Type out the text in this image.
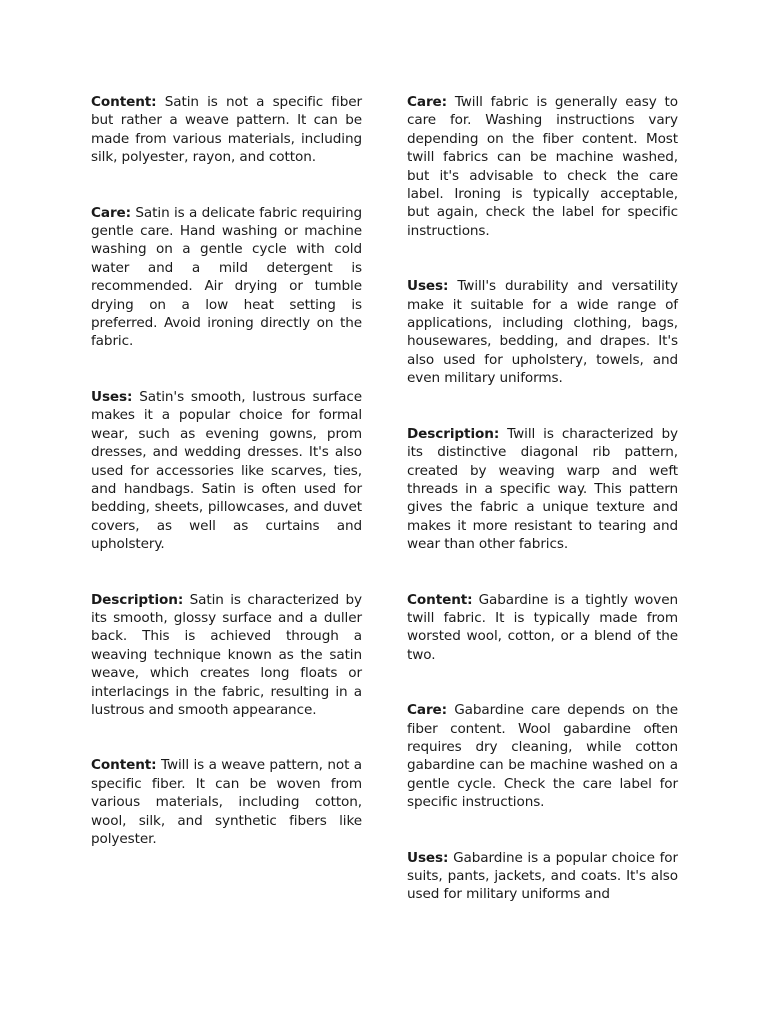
Content: Satin is not a specific fiber but rather a weave pattern. It can be made from various materials, including silk, polyester, rayon, and cotton.

Care: Satin is a delicate fabric requiring gentle care. Hand washing or machine washing on a gentle cycle with cold water and a mild detergent is recommended. Air drying or tumble drying on a low heat setting is preferred. Avoid ironing directly on the fabric.

Uses: Satin's smooth, lustrous surface makes it a popular choice for formal wear, such as evening gowns, prom dresses, and wedding dresses. It's also used for accessories like scarves, ties, and handbags. Satin is often used for bedding, sheets, pillowcases, and duvet covers, as well as curtains and upholstery.

Description: Satin is characterized by its smooth, glossy surface and a duller back. This is achieved through a weaving technique known as the satin weave, which creates long floats or interlacings in the fabric, resulting in a lustrous and smooth appearance.

Content: Twill is a weave pattern, not a specific fiber. It can be woven from various materials, including cotton, wool, silk, and synthetic fibers like polyester.

Care: Twill fabric is generally easy to care for. Washing instructions vary depending on the fiber content. Most twill fabrics can be machine washed, but it's advisable to check the care label. Ironing is typically acceptable, but again, check the label for specific instructions.

Uses: Twill's durability and versatility make it suitable for a wide range of applications, including clothing, bags, housewares, bedding, and drapes. It's also used for upholstery, towels, and even military uniforms.

Description: Twill is characterized by its distinctive diagonal rib pattern, created by weaving warp and weft threads in a specific way. This pattern gives the fabric a unique texture and makes it more resistant to tearing and wear than other fabrics.

Content: Gabardine is a tightly woven twill fabric. It is typically made from worsted wool, cotton, or a blend of the two.

Care: Gabardine care depends on the fiber content. Wool gabardine often requires dry cleaning, while cotton gabardine can be machine washed on a gentle cycle. Check the care label for specific instructions.

Uses: Gabardine is a popular choice for suits, pants, jackets, and coats. It's also used for military uniforms and
